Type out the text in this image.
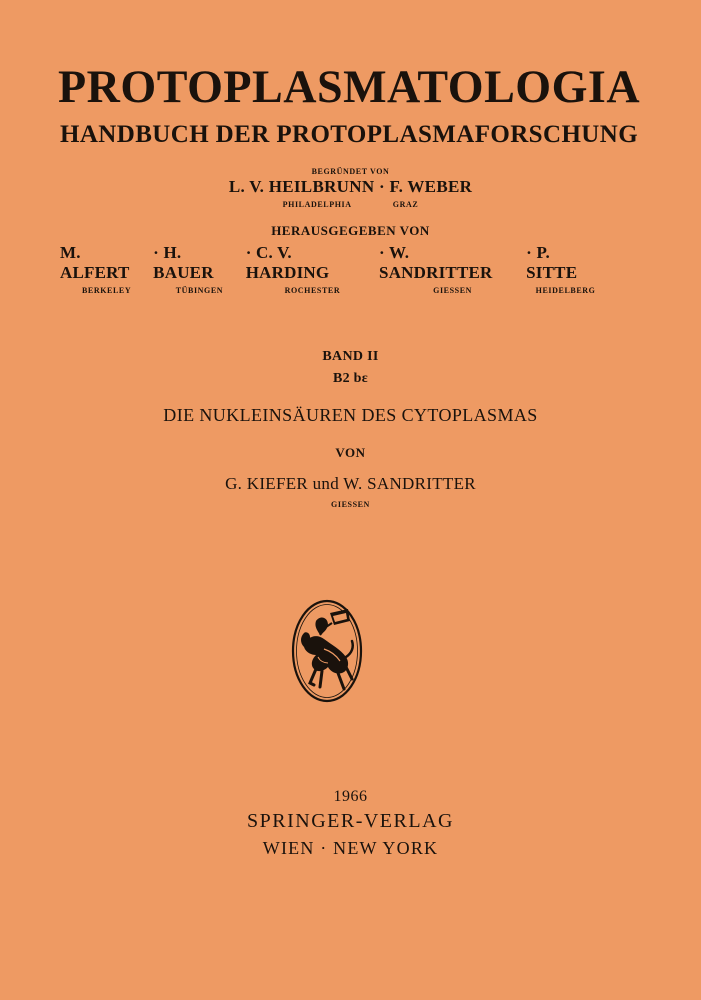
PROTOPLASMATOLOGIA
HANDBUCH DER PROTOPLASMAFORSCHUNG
BEGRÜNDET VON
L. V. HEILBRUNN · F. WEBER
PHILADELPHIA                GRAZ
HERAUSGEGEBEN VON
M. ALFERT
BERKELEY
· H. BAUER
TÜBINGEN
· C. V. HARDING
ROCHESTER
· W. SANDRITTER
GIESSEN
· P. SITTE
HEIDELBERG
BAND II
B2 bε
DIE NUKLEINSÄUREN DES CYTOPLASMAS
VON
G. KIEFER und W. SANDRITTER
GIESSEN
1966
SPRINGER-VERLAG
WIEN · NEW YORK
